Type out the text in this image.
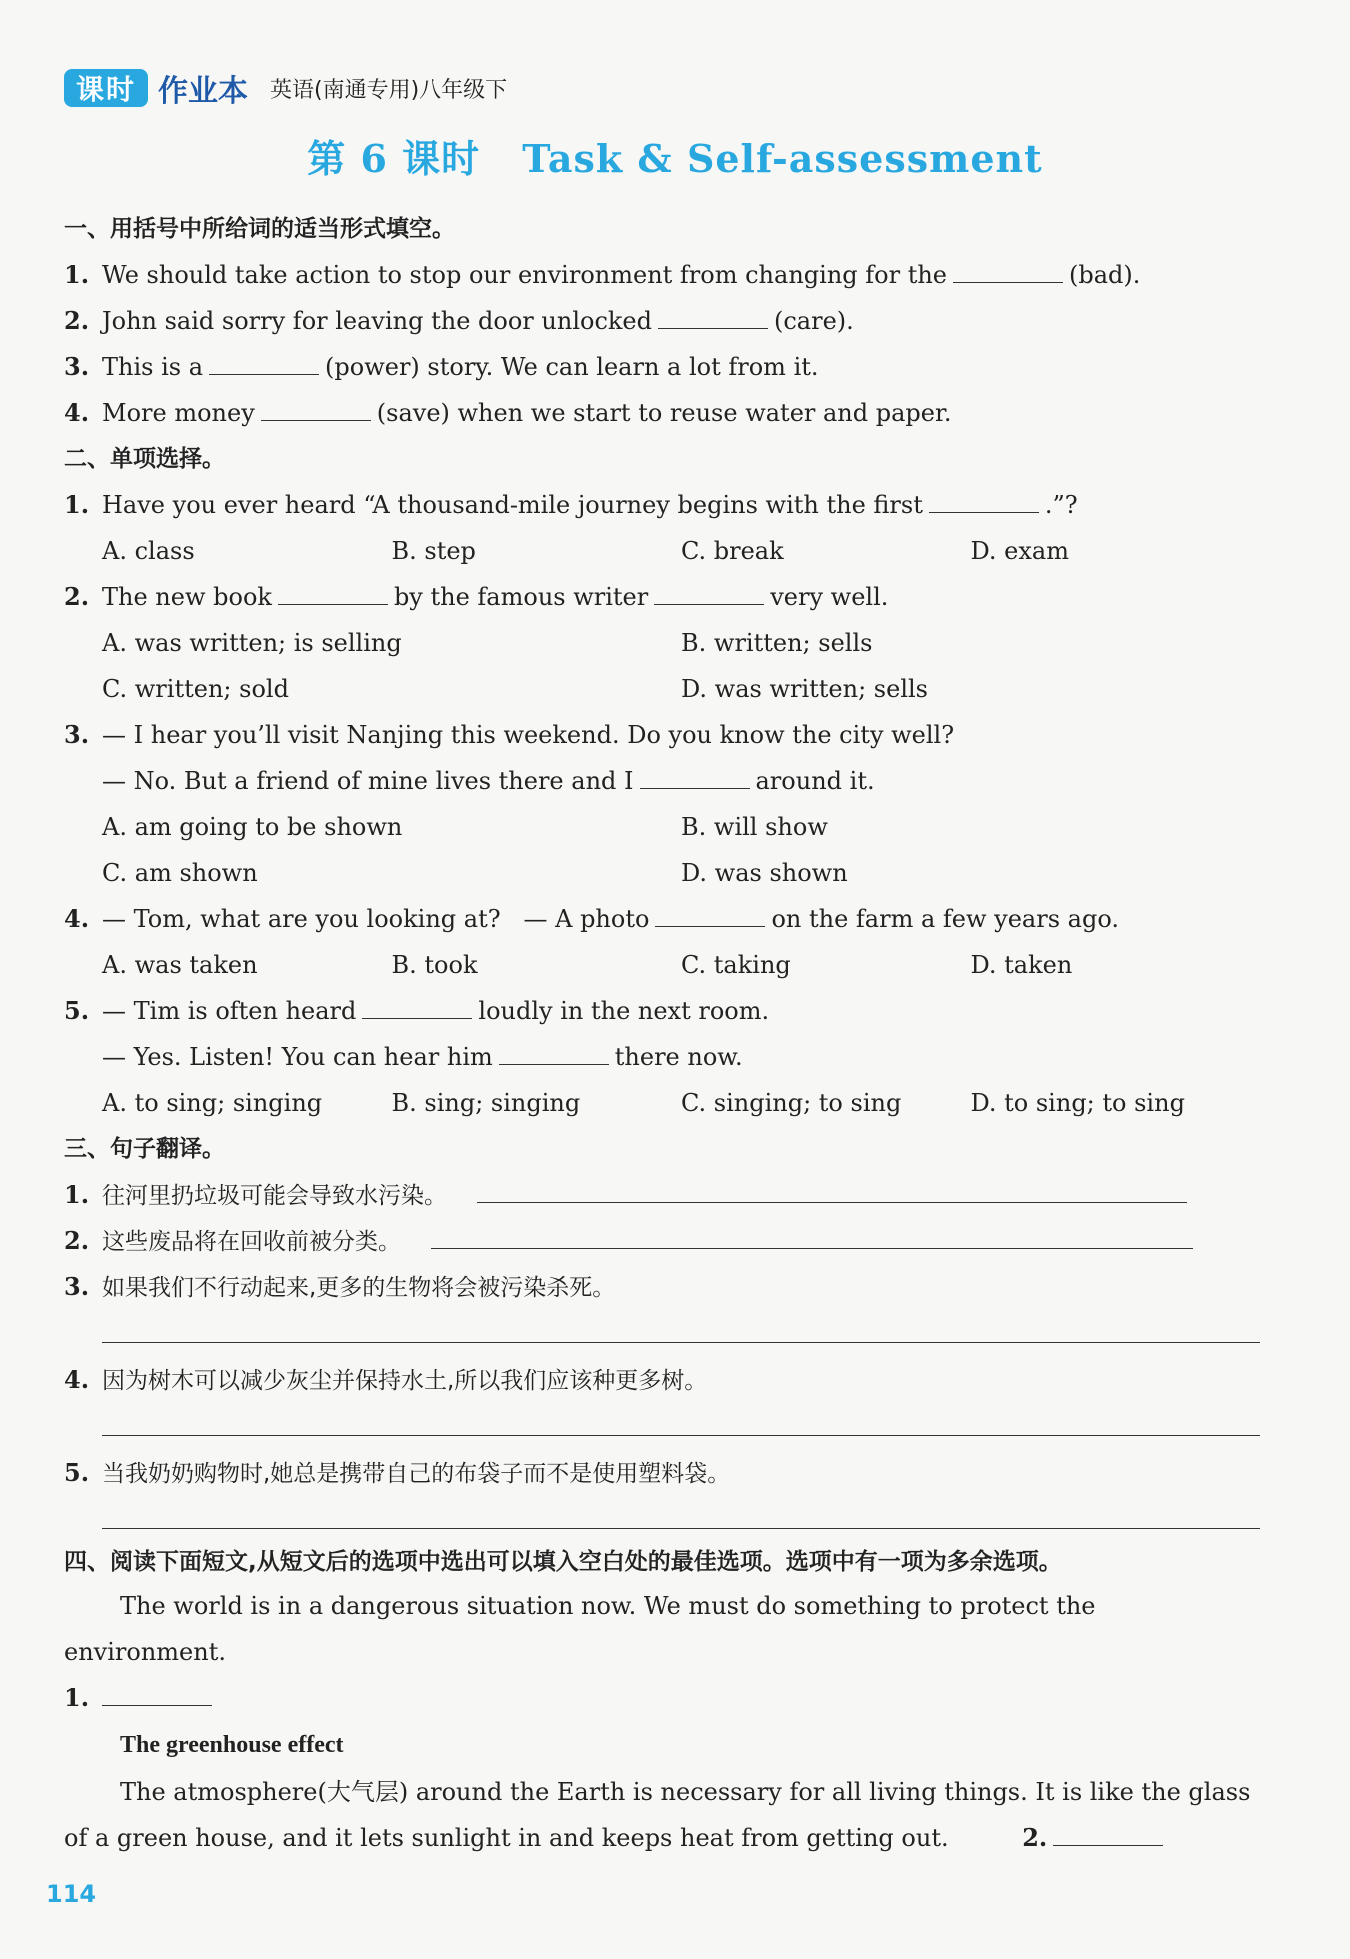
课时 作业本 英语(南通专用)八年级下
第 6 课时 Task & Self-assessment
一、用括号中所给词的适当形式填空。
1. We should take action to stop our environment from changing for the	(bad).
2. John said sorry for leaving the door unlocked	(care).
3. This is a	(power) story. We can learn a lot from it.
4. More money	(save) when we start to reuse water and paper.
二、单项选择。
1. Have you ever heard “A thousand-mile journey begins with the first	.”?
A. class	B. step	C. break	D. exam
2. The new book	by the famous writer	very well.
A. was written; is selling	B. written; sells
C. written; sold	D. was written; sells
3. — I hear you’ll visit Nanjing this weekend. Do you know the city well?
— No. But a friend of mine lives there and I	around it.
A. am going to be shown	B. will show
C. am shown	D. was shown
4. — Tom, what are you looking at?   — A photo	on the farm a few years ago.
A. was taken	B. took	C. taking	D. taken
5. — Tim is often heard	loudly in the next room.
— Yes. Listen! You can hear him	there now.
A. to sing; singing	B. sing; singing	C. singing; to sing	D. to sing; to sing
三、句子翻译。
1. 往河里扔垃圾可能会导致水污染。
2. 这些废品将在回收前被分类。
3. 如果我们不行动起来,更多的生物将会被污染杀死。
4. 因为树木可以减少灰尘并保持水土,所以我们应该种更多树。
5. 当我奶奶购物时,她总是携带自己的布袋子而不是使用塑料袋。
四、阅读下面短文,从短文后的选项中选出可以填入空白处的最佳选项。选项中有一项为多余选项。
The world is in a dangerous situation now. We must do something to protect the environment.
1.
The greenhouse effect
The atmosphere(大气层) around the Earth is necessary for all living things. It is like the glass of a green house, and it lets sunlight in and keeps heat from getting out.	2.
114
